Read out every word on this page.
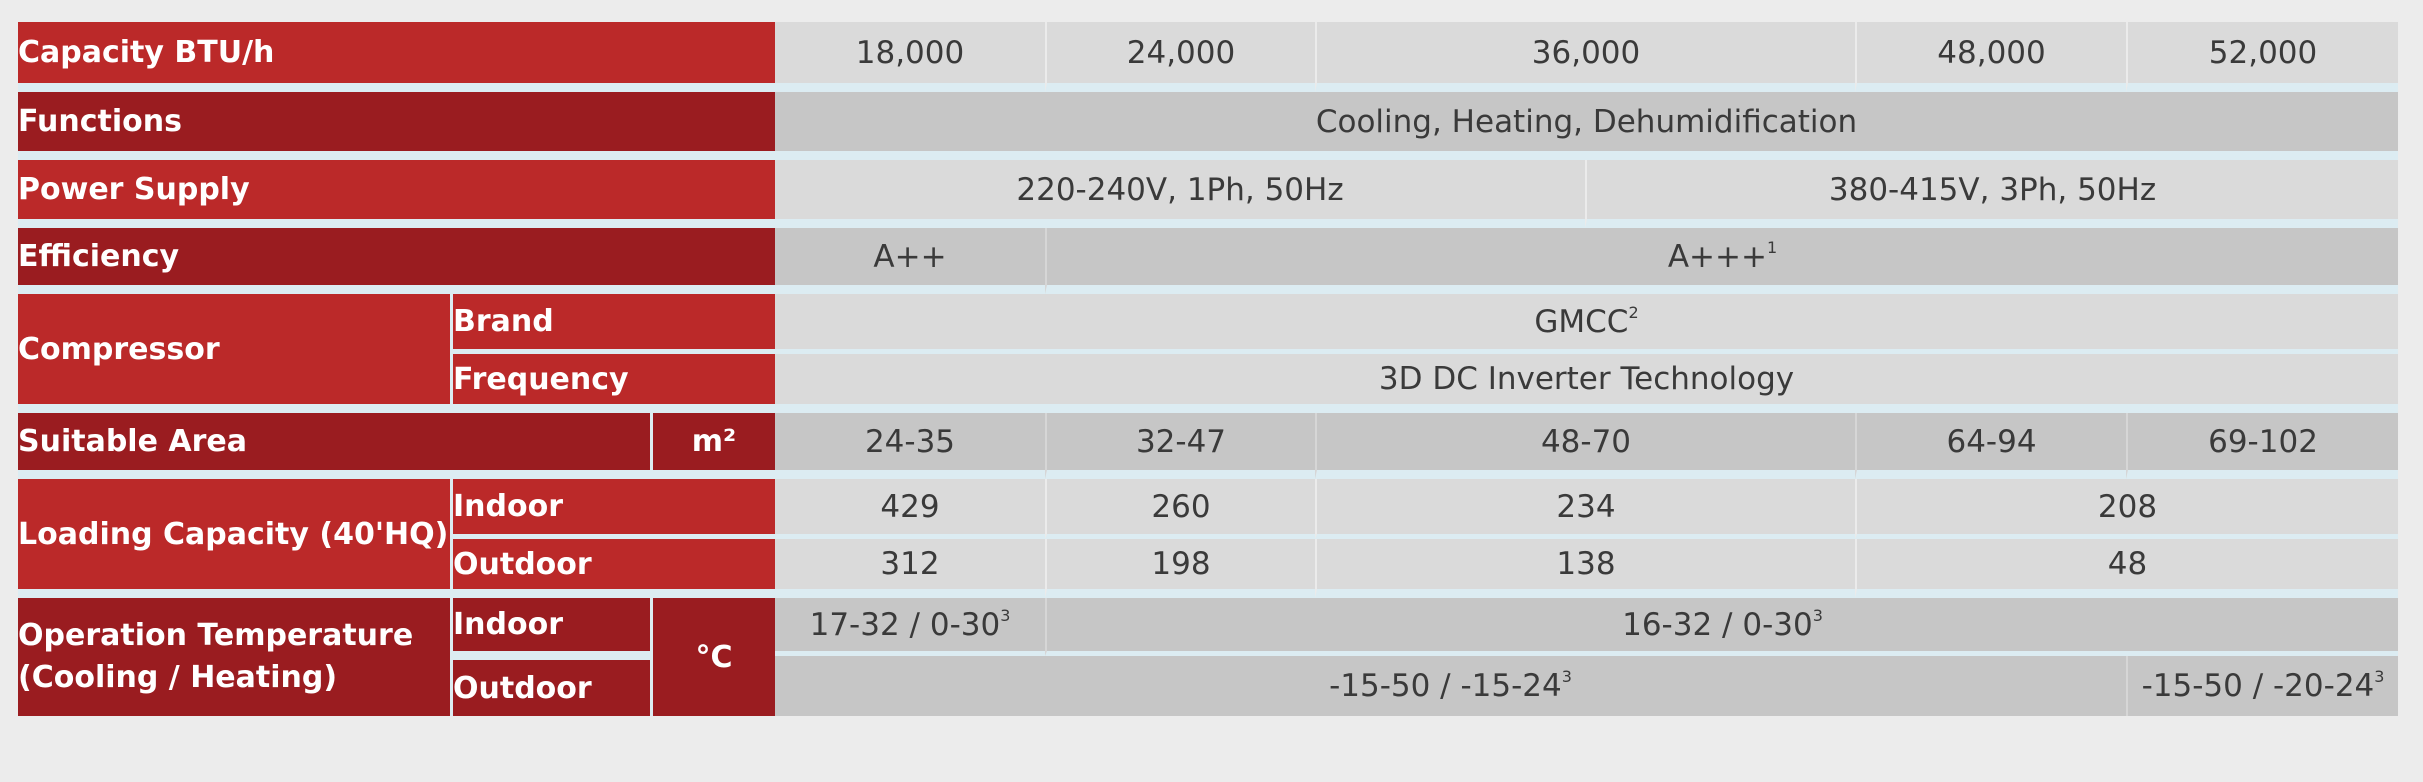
Capacity BTU/h			18,000	24,000	36,000		48,000	52,000
Functions			Cooling, Heating, Dehumidification					
Power Supply			220-240V, 1Ph, 50Hz			380-415V, 3Ph, 50Hz		
Efficiency			A++	A+++$^1$
Compressor	Brand		GMCC$^2$
	Frequency		3D DC Inverter Technology					
Suitable Area		m²	24-35	32-47	48-70		64-94	69-102
Loading Capacity (40'HQ)	Indoor		429	260	234		208	
	Outdoor		312	198	138		48	
Operation Temperature
(Cooling / Heating)	Indoor	°C	$17-32 / 0-30^3$	$16-32 / 0-30^3$
	Outdoor		$-15-50 / -15-24^3$					$-15-50 / -20-24^3$
